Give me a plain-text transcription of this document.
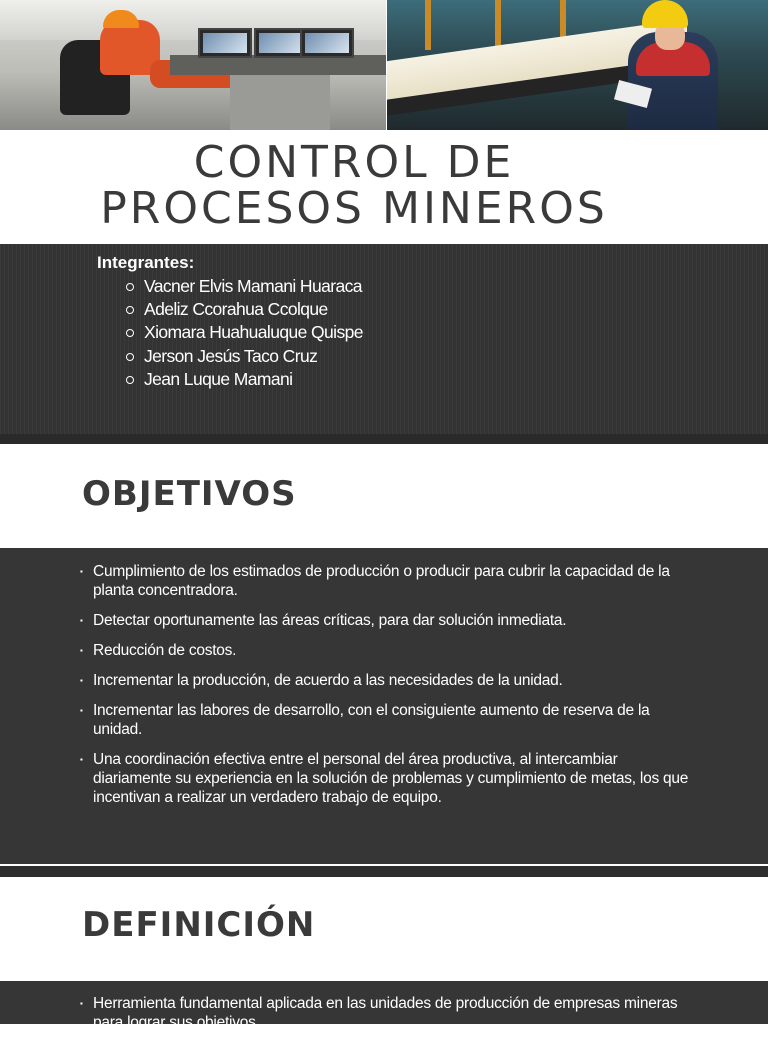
CONTROL DE
PROCESOS MINEROS

Integrantes:

Vacner Elvis Mamani Huaraca
Adeliz Ccorahua Ccolque
Xiomara Huahualuque Quispe
Jerson Jesús Taco Cruz
Jean Luque Mamani
OBJETIVOS
▪ Cumplimiento de los estimados de producción o producir para cubrir la capacidad de la planta concentradora.
▪ Detectar oportunamente las áreas críticas, para dar solución inmediata.
▪ Reducción de costos.
▪ Incrementar la producción, de acuerdo a las necesidades de la unidad.
▪ Incrementar las labores de desarrollo, con el consiguiente aumento de reserva de la unidad.
▪ Una coordinación efectiva entre el personal del área productiva, al intercambiar diariamente su experiencia en la solución de problemas y cumplimiento de metas, los que incentivan a realizar un verdadero trabajo de equipo.
DEFINICIÓN
▪ Herramienta fundamental aplicada en las unidades de producción de empresas mineras para lograr sus objetivos.
